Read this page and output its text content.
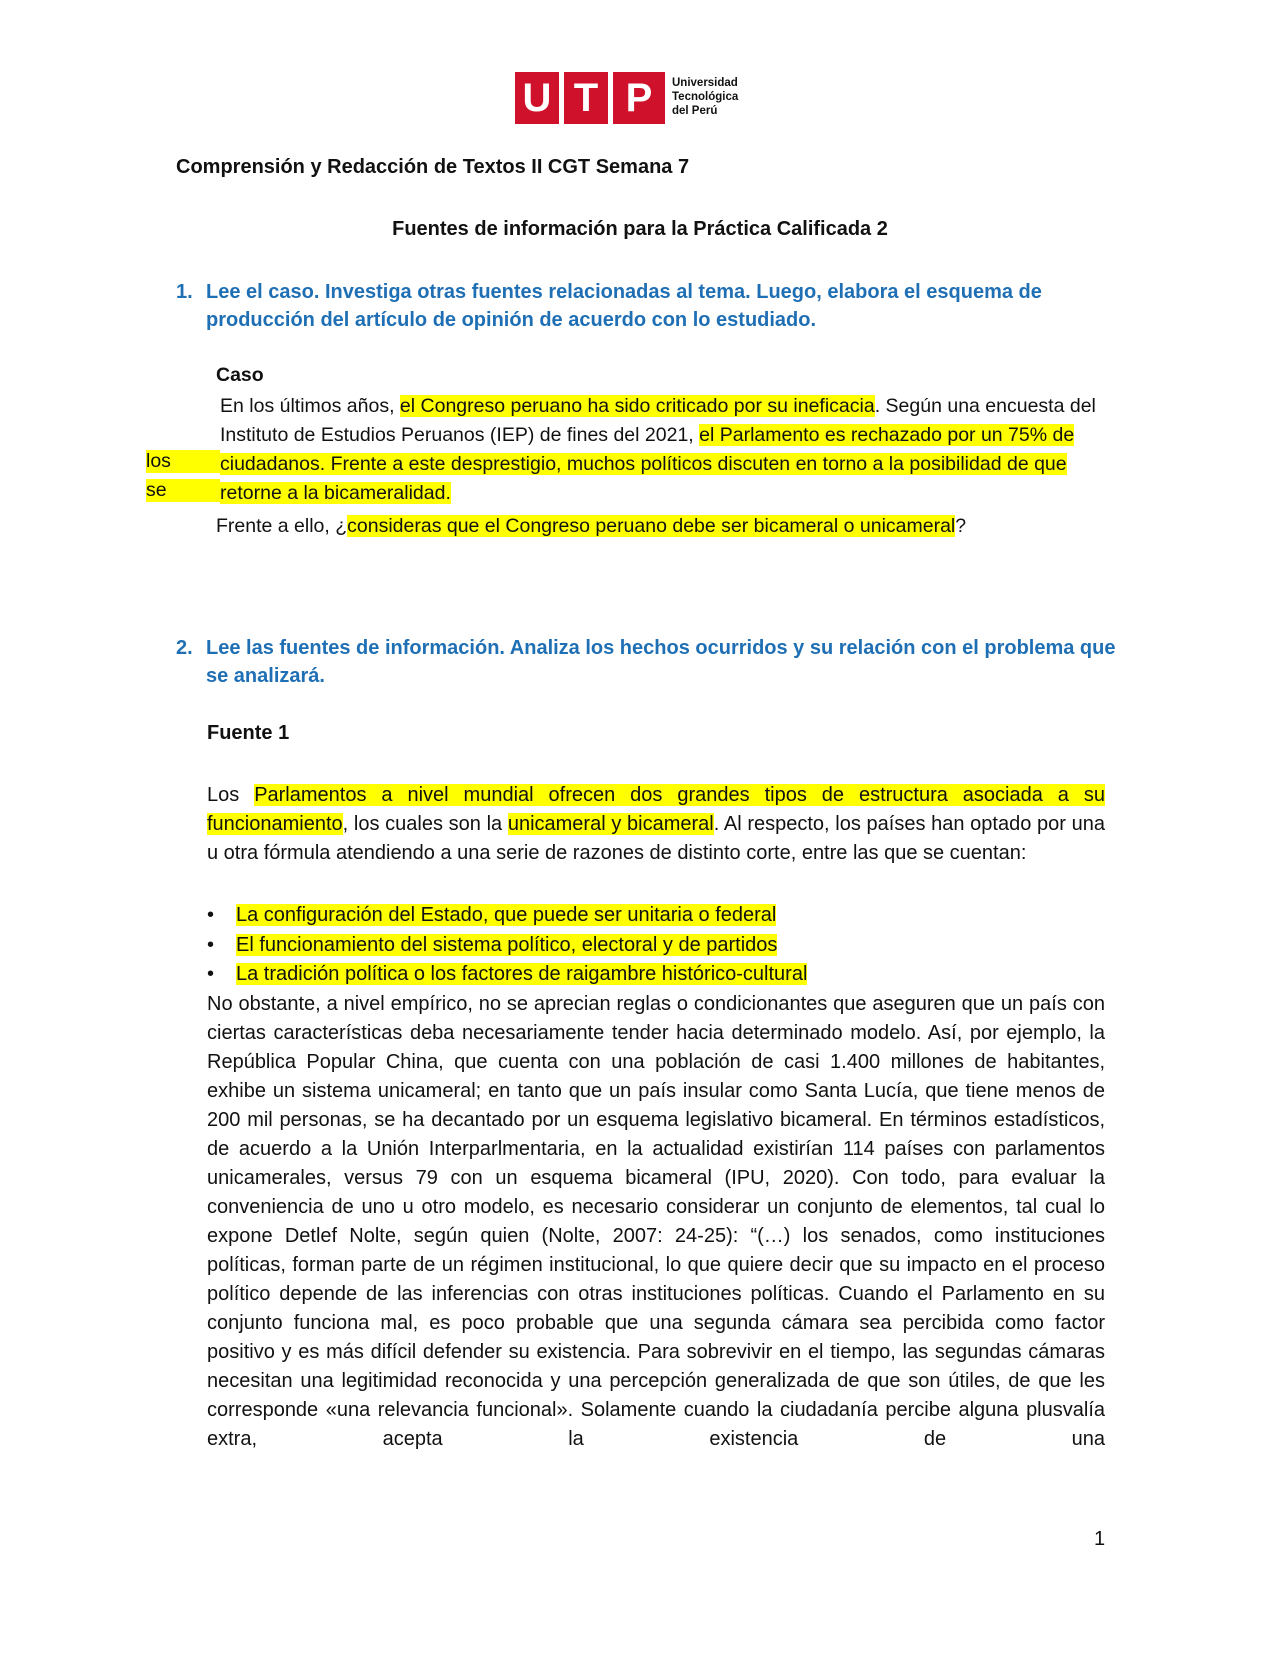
U T P	Universidad
Tecnológica
del Perú
Comprensión y Redacción de Textos II CGT Semana 7
Fuentes de información para la Práctica Calificada 2
1. Lee el caso. Investiga otras fuentes relacionadas al tema. Luego, elabora el esquema de producción del artículo de opinión de acuerdo con lo estudiado.
Caso
En los últimos años, el Congreso peruano ha sido criticado por su ineficacia. Según una encuesta del Instituto de Estudios Peruanos (IEP) de fines del 2021, el Parlamento es rechazado por un 75% de ciudadanos. Frente a este desprestigio, muchos políticos discuten en torno a la posibilidad de que retorne a la bicameralidad.
los
se
Frente a ello, ¿consideras que el Congreso peruano debe ser bicameral o unicameral?
2. Lee las fuentes de información. Analiza los hechos ocurridos y su relación con el problema que se analizará.
Fuente 1
Los Parlamentos a nivel mundial ofrecen dos grandes tipos de estructura asociada a su funcionamiento, los cuales son la unicameral y bicameral. Al respecto, los países han optado por una u otra fórmula atendiendo a una serie de razones de distinto corte, entre las que se cuentan:
• La configuración del Estado, que puede ser unitaria o federal
• El funcionamiento del sistema político, electoral y de partidos
• La tradición política o los factores de raigambre histórico-cultural
No obstante, a nivel empírico, no se aprecian reglas o condicionantes que aseguren que un país con ciertas características deba necesariamente tender hacia determinado modelo. Así, por ejemplo, la República Popular China, que cuenta con una población de casi 1.400 millones de habitantes, exhibe un sistema unicameral; en tanto que un país insular como Santa Lucía, que tiene menos de 200 mil personas, se ha decantado por un esquema legislativo bicameral. En términos estadísticos, de acuerdo a la Unión Interparlmentaria, en la actualidad existirían 114 países con parlamentos unicamerales, versus 79 con un esquema bicameral (IPU, 2020). Con todo, para evaluar la conveniencia de uno u otro modelo, es necesario considerar un conjunto de elementos, tal cual lo expone Detlef Nolte, según quien (Nolte, 2007: 24-25): “(…) los senados, como instituciones políticas, forman parte de un régimen institucional, lo que quiere decir que su impacto en el proceso político depende de las inferencias con otras instituciones políticas. Cuando el Parlamento en su conjunto funciona mal, es poco probable que una segunda cámara sea percibida como factor positivo y es más difícil defender su existencia. Para sobrevivir en el tiempo, las segundas cámaras necesitan una legitimidad reconocida y una percepción generalizada de que son útiles, de que les corresponde «una relevancia funcional». Solamente cuando la ciudadanía percibe alguna plusvalía extra, acepta la existencia de una
1
